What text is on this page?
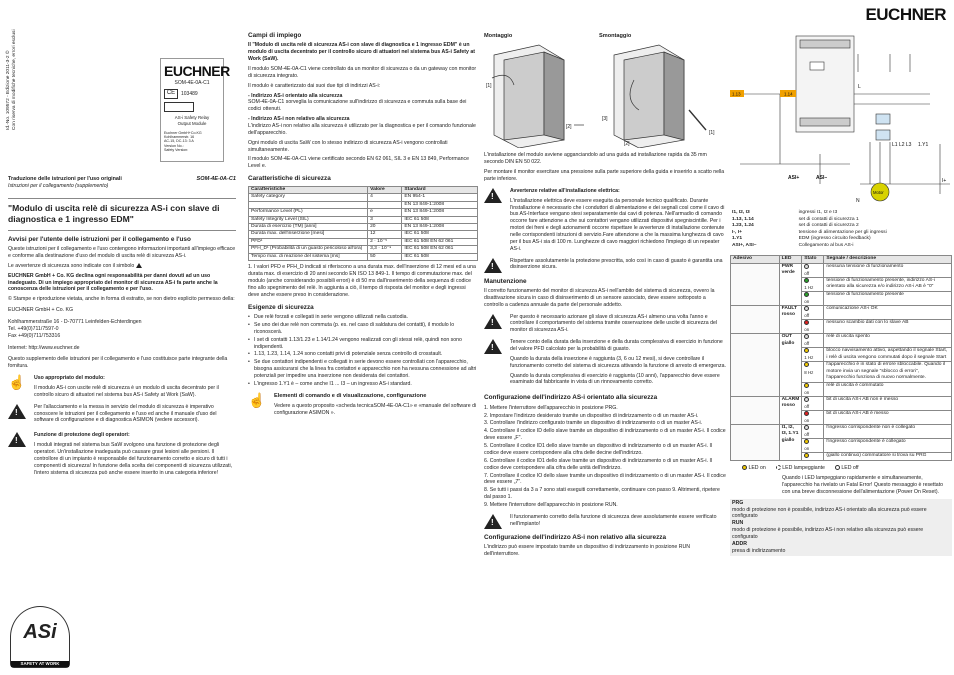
Id.-No. 109572 - Edizione 2011-3-2 © Con riserva di modifiche tecniche, errori esclusi	EUCHNER
SOM-4E-0A-C1
CE	103489
AS-i Safety Relay
Output Module
Euchner GmbH+Co.KG
Kohlhammerstr. 16
AC-15, DC-13: 3 A
Version No.:
Safety Version:
Traduzione delle istruzioni per l'uso originali	SOM-4E-0A-C1
Istruzioni per il collegamento (supplemento)
"Modulo di uscita relè di sicurezza AS-i con slave di diagnostica e 1 ingresso EDM"
Avvisi per l'utente delle istruzioni per il collegamento e l'uso

Queste istruzioni per il collegamento e l'uso contengono informazioni importanti all'impiego efficace e conforme alla destinazione d'uso del modulo di uscita relè di sicurezza AS-i.

Le avvertenze di sicurezza sono indicate con il simbolo

EUCHNER GmbH + Co. KG declina ogni responsabilità per danni dovuti ad un uso inadeguato. Di un impiego appropriato del monitor di sicurezza AS-i fa parte anche la conoscenza delle istruzioni per il collegamento e per l'uso.

© Stampe e riproduzione vietata, anche in forma di estratto, se non dietro esplicito permesso della:

EUCHNER GmbH + Co. KG
Kohlhammerstraße 16 - D-70771 Leinfelden-Echterdingen
Tel. +49(0)711/7597-0
Fax +49(0)711/753316
Internet: http://www.euchner.de

Questo supplemento delle istruzioni per il collegamento e l'uso costituisce parte integrante della fornitura.

☝	Uso appropriato del modulo:
Il modulo AS-i con uscite relè di sicurezza è un modulo di uscita decentrato per il controllo sicuro di attuatori nel sistema bus AS-i Safety at Work (SaW).
!
Per l'allacciamento e la messa in servizio del modulo di sicurezza è imperativo conoscere le istruzioni per il collegamento e l'uso ed anche il manuale d'uso del software di configurazione e di diagnostica ASIMON (vedere accessori).
!
Funzione di protezione degli operatori:
I moduli integrati nel sistema bus SaW svolgono una funzione di protezione degli operatori. Un'installazione inadeguata può causare gravi lesioni alle persioni. Il controllore di un impianto è responsabile del funzionamento corretto e sicuro di tutti i componenti di sicurezza! In funzione della scelta dei componenti di sicurezza utilizzati, l'intero sistema di sicurezza può anche essere inserito in una categoria inferiore!
ASi
SAFETY AT WORK
Campi di impiego

Il "Modulo di uscita relè di sicurezza AS-i con slave di diagnostica e 1 ingresso EDM" è un modulo di uscita decentrato per il controllo sicuro di attuatori nel sistema bus AS-i Safety at Work (SaW).

Il modulo SOM-4E-0A-C1 viene controllato da un monitor di sicurezza o da un gateway con monitor di sicurezza integrato.

Il modulo è caratterizzato dai suoi due tipi di indirizzi AS-i:

- Indirizzo AS-i orientato alla sicurezza

SOM-4E-0A-C1 sorveglia la comunicazione sull'indirizzo di sicurezza e commuta sulla base dei codici ottenuti.

- Indirizzo AS-i non relativo alla sicurezza

L'indirizzo AS-i non relativo alla sicurezza è utilizzato per la diagnostica e per il comando funzionale dell'apparecchio.

Ogni modulo di uscita SaW con lo stesso indirizzo di sicurezza AS-i vengono controllati simultaneamente.

Il modulo SOM-4E-0A-C1 viene certificato secondo EN 62 061, SIL 3 e EN 13 849, Performance Level e.

Caratteristiche di sicurezza
Caratteristiche	Valore	Standard
Safety category	4	EN 954-1
		EN 13 849-1:2008
Performance Level (PL)	e	EN 13 849-1:2008
Safety Integrity Level (SIL)	3	IEC 61 508
Durata di esercizio (TM) [anni]	20	EN 13 849-1:2008
Durata max. dell'inserzione [mesi]	12	IEC 61 508
PFD¹	2 · 10⁻⁵	IEC 61 508 EN 62 061
PFH_D¹ (Probabilità di un guasto pericoloso all'ora)	3,3 · 10⁻⁹	IEC 61 508 EN 62 061
Tempo max. di reazione del sistema [ms]	50	IEC 61 508

1. I valori PFD e PFH_D indicati si riferiscono a una durata max. dell'inserzione di 12 mesi ed a una durata max. di esercizio di 20 anni secondo EN ISO 13 849-1. Il tempo di commutazione max. del modulo (anche considerando possibili errori) è di 50 ms dall'inserimento della sequenza di codice fino allo spegnimento del relè. In aggiunta a ciò, il tempo di risposta del monitor e degli ingressi deve anche essere preso in considerazione.

Esigenze di sicurezza
• Due relè forzati e collegati in serie vengono utilizzati nella custodia.
• Se uno dei due relè non commuta (p. es. nel caso di saldatura dei contatti), il modulo lo riconoscerà.
• I set di contatti 1.13/1.23 e 1.14/1.24 vengono realizzati con gli stessi relè, quindi non sono indipendenti.
• 1.13, 1.23, 1.14, 1.24 sono contatti privi di potenziale senza controllo di crosstault.
• Se due contattori indipendenti e collegati in serie devono essere controllati con l'apparecchio, bisogna assicurarsi che la linea fra contattori e apparecchio non ha nessuna connessione ad altri potenziali per impedire una inserzione non desiderata dei contattori.
• L'ingresso 1.Y1 è – come anche I1 ... I3 – un ingresso AS-i standard.
☝	Elementi di comando e di visualizzazione, configurazione
Vedere a questo proposito «scheda tecnicaSOM-4E-0A-C1» e «manuale del software di configurazione ASIMON ».
Montaggio	Smontaggio
[1]
[2]
[3]
[1]
[2]

L'installazione del modulo avviene agganciandolo ad una guida ad installazione rapida da 35 mm secondo DIN EN 50 022.

Per montare il monitor esercitare una pressione sulla parte superiore della guida e inserirlo a scatto nella parte inferiore.

!
Avvertenze relative all'installazione elettrica:
L'installazione elettrica deve essere eseguita da personale tecnico qualificato. Durante l'installazione è necessario che i conduttori di alimentazione e dei segnali così come il cavo di bus AS-Interface vengano stesi separatamente dai cavi di potenza. Nell'armadio di comando occorre fare attenzione a che sui contattori vengano utilizzati dispositivi spegniscintille. Per i motori dei freni e degli azionamenti occorre rispettare le avvertenze di installazione contenute nelle corrispondenti istruzioni di servizio.Fare attenzione a che la massima lunghezza di cavo per il bus AS-i sia di 100 m. Lunghezze di cavo maggiori richiedono l'impiego di un repeater AS-i.
!
Rispettare assolutamente la protezione prescritta, solo così in caso di guasto è garantita una disinserzione sicura.
Manutenzione

Il corretto funzionamento del monitor di sicurezza AS-i nell'ambito del sistema di sicurezza, ovvero la disattivazione sicura in caso di disinserimento di un sensore associato, deve essere sottoposto a controllo a cadenza annuale da parte del personale addetto.

!
Per questo è necessario azionare gli slave di sicurezza AS-i almeno una volta l'anno e controllare il comportamento del sistema tramite osservazione delle uscite di sicurezza del monitor di sicurezza AS-i.
!

Tenere conto della durata della inserzione e della durata complessiva di esercizio in funzione del valore PFD calcolato per la probabilità di guasto.

Quando la durata della inserzione è raggiunta (3, 6 ou 12 mesi), si deve controllare il funzionamento corretto del sistema di sicurezza attivando la funzione di arresto di emergenza.

Quando la durata complessiva di esercizio è raggiunta (10 anni), l'apparecchio deve essere esaminato dal fabbricante in vista di un rinnovamento corretto.

Configurazione dell'indirizzo AS-i orientato alla sicurezza
1. Mettere l'interruttore dell'apparecchio in posizione PRG.
2. Impostare l'indirizzo desiderato tramite un dispositivo di indirizzamento o di un master AS-i.
3. Controllare l'indirizzo configurato tramite un dispositivo di indirizzamento o di un master AS-i.
4. Controllare il codice ID dello slave tramite un dispositivo di indirizzamento o di un master AS-i. Il codice deve essere „F".
5. Controllare il codice ID1 dello slave tramite un dispositivo di indirizzamento o di un master AS-i. Il codice deve essere corrispondere alla cifra delle decine dell'indirizzo.
6. Controllare il codice ID1 dello slave tramite un dispositivo di indirizzamento o di un master AS-i. Il codice deve corrispondere alla cifra delle unità dell'indirizzo.
7. Controllare il codice IO dello slave tramite un dispositivo di indirizzamento o di un master AS-i. Il codice deve essere „7".
8. Se tutti i passi da 3 a 7 sono stati eseguiti correttamente, continuare con passo 9. Altrimenti, ripetere dal passo 1.
9. Mettere l'interruttore dell'apparecchio in posizione RUN.
!
Il funzionamento corretto della funzione di sicurezza deve assolutamente essere verificato nell'impianto!
Configurazione dell'indirizzo AS-i non relativo alla sicurezza

L'indirizzo può essere impostato tramite un dispositivo di indirizzamento in posizione RUN dell'interruttore.

EUCHNER
1.13	1.14
L
L1 L2 L3 1.Y1
ASI+	ASI–
N
I+
Motor
I1, I2, I3	ingressi I1, I2 e I3
1.13, 1.14	set di contatti di sicurezza 1
1.23, 1.24	set di contatti di sicurezza 2
I-, I+	tensione di alimentazione per gli ingressi
1.Y1	EDM (ingresso circuito feedback)
ASI+, ASI–	Collegamento al bus AS-i
Adesivo	LED	Stato	Segnale / descrizione
	PWR verde	off	nessuna tensione di funzionamento

		1 Hz	tensione di funzionamento presente, indirizzo AS-i orientato alla sicurezza e/o indirizzo AS-i AB è "0"

		on	tensione di funzionamento presente
	FAULT rosso	off	comunicazione AS-i OK

		on	nessuno scambio dati con lo slave AB
	OUT giallo	off	relè di uscita spento

		1 Hz	blocco navvisamento attivo, aspettando il segnale Start, i relè di uscita vengono commutati dopo il segnale Start

		8 Hz	l'apparecchio è in stato di errore sbloccabile. Quando il motore invia un segnale "sblocco di errori", l'apparecchio funziona di nuovo normalmente.

		on	relè di uscita è commutato
	ALARM rosso	off	bit di uscita AS-i AB non è messo

		on	bit di uscita AS-i AB è messo
	I1, I2, I3, 1.Y1 giallo	off	l'ingresso corrispondente non è collegato

		on	l'ingresso corrispondente è collegato

			(giallo continuo) commutatore si trova su PRG
LED on	LED lampeggiante	LED off

Quando i LED lampeggiano rapidamente e simultaneamente, l'apparecchio ha rivelato un Fatal Error! Questo messaggio è resettato con una breve disconnessione dell'alimentazione (Power On Reset).

PRG
modo di protezione non è possibile, indirizzo AS-i orientato alla sicurezza può essere configurato
RUN
modo di protezione è possibile, indirizzo AS-i non relativo alla sicurezza può essere configurato
ADDR
presa di indirizzamento
